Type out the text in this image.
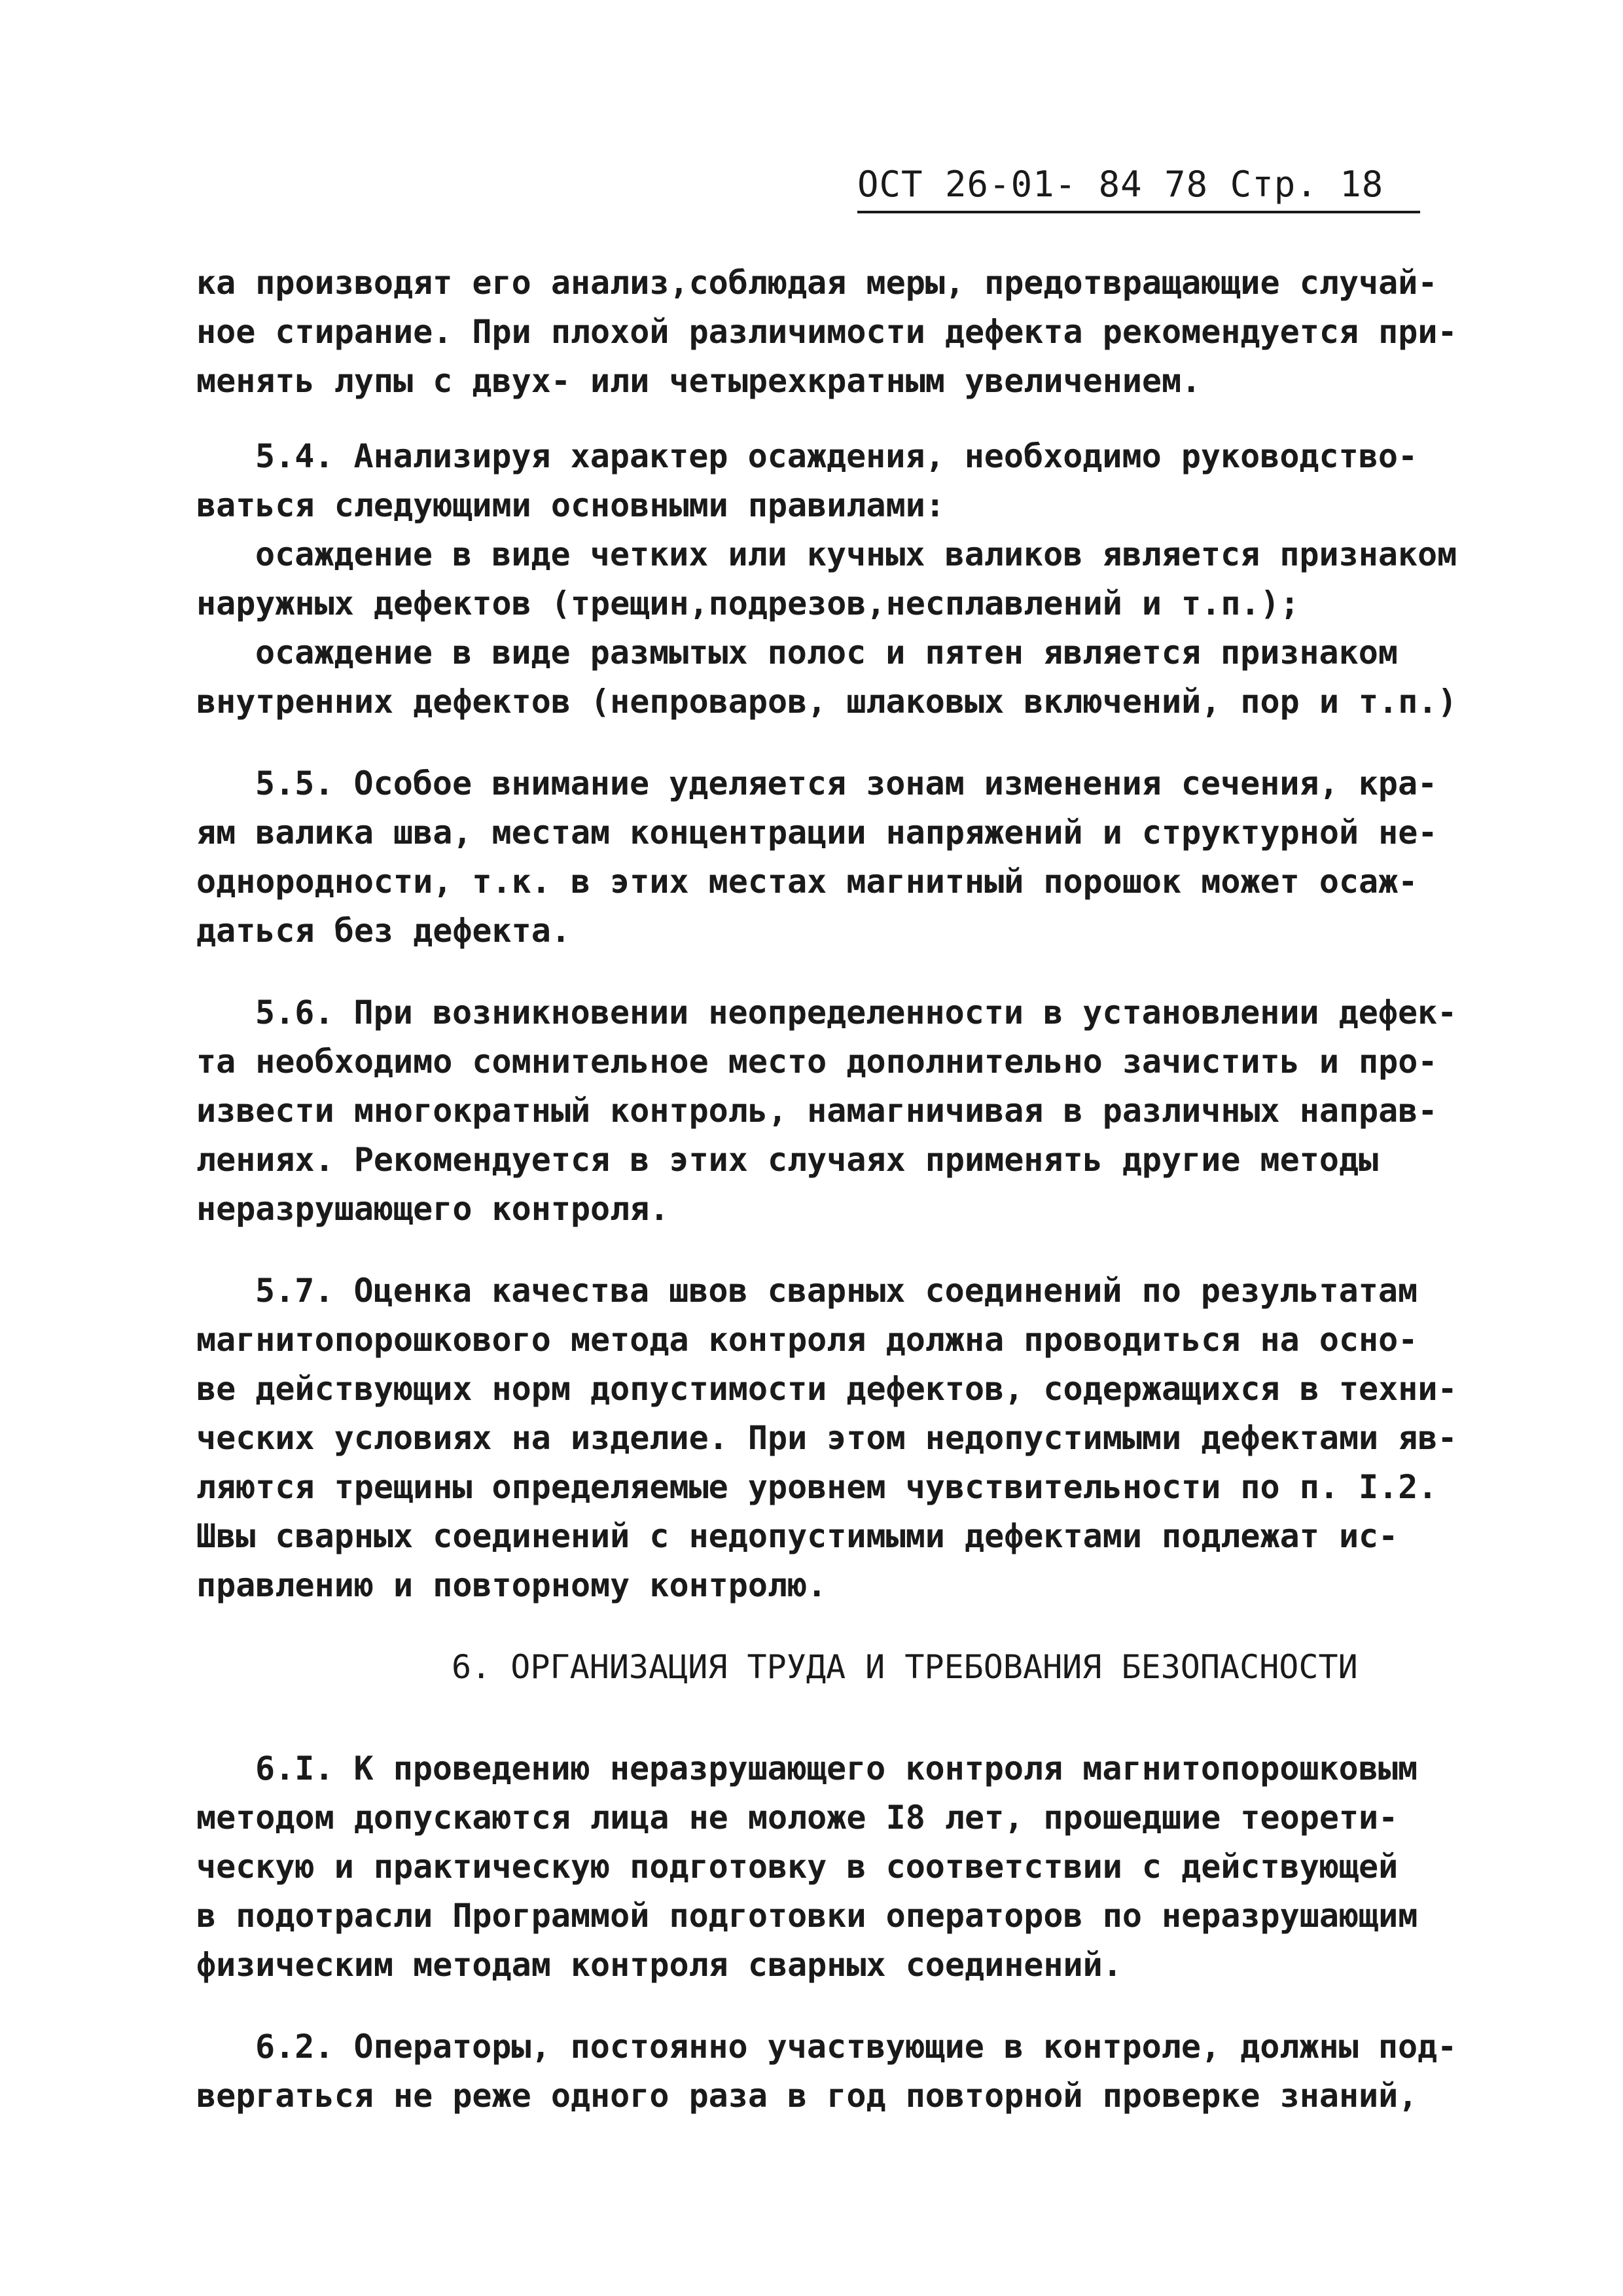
ОСТ 26-01- 84 78 Стр. 18
ка производят его анализ,соблюдая меры, предотвращающие случай-
ное стирание. При плохой различимости дефекта рекомендуется при-
менять лупы с двух- или четырехкратным увеличением.
5.4. Анализируя характер осаждения, необходимо руководство-
ваться следующими основными правилами:
осаждение в виде четких или кучных валиков является признаком
наружных дефектов (трещин,подрезов,несплавлений и т.п.);
осаждение в виде размытых полос и пятен является признаком
внутренних дефектов (непроваров, шлаковых включений, пор и т.п.)
5.5. Особое внимание уделяется зонам изменения сечения, кра-
ям валика шва, местам концентрации напряжений и структурной не-
однородности, т.к. в этих местах магнитный порошок может осаж-
даться без дефекта.
5.6. При возникновении неопределенности в установлении дефек-
та необходимо сомнительное место дополнительно зачистить и про-
извести многократный контроль, намагничивая в различных направ-
лениях. Рекомендуется в этих случаях применять другие методы
неразрушающего контроля.
5.7. Оценка качества швов сварных соединений по результатам
магнитопорошкового метода контроля должна проводиться на осно-
ве действующих норм допустимости дефектов, содержащихся в техни-
ческих условиях на изделие. При этом недопустимыми дефектами яв-
ляются трещины определяемые уровнем чувствительности по п. I.2.
Швы сварных соединений с недопустимыми дефектами подлежат ис-
правлению и повторному контролю.
6. ОРГАНИЗАЦИЯ ТРУДА И ТРЕБОВАНИЯ БЕЗОПАСНОСТИ
6.I. К проведению неразрушающего контроля магнитопорошковым
методом допускаются лица не моложе I8 лет, прошедшие теорети-
ческую и практическую подготовку в соответствии с действующей
в подотрасли Программой подготовки операторов по неразрушающим
физическим методам контроля сварных соединений.
6.2. Операторы, постоянно участвующие в контроле, должны под-
вергаться не реже одного раза в год повторной проверке знаний,
